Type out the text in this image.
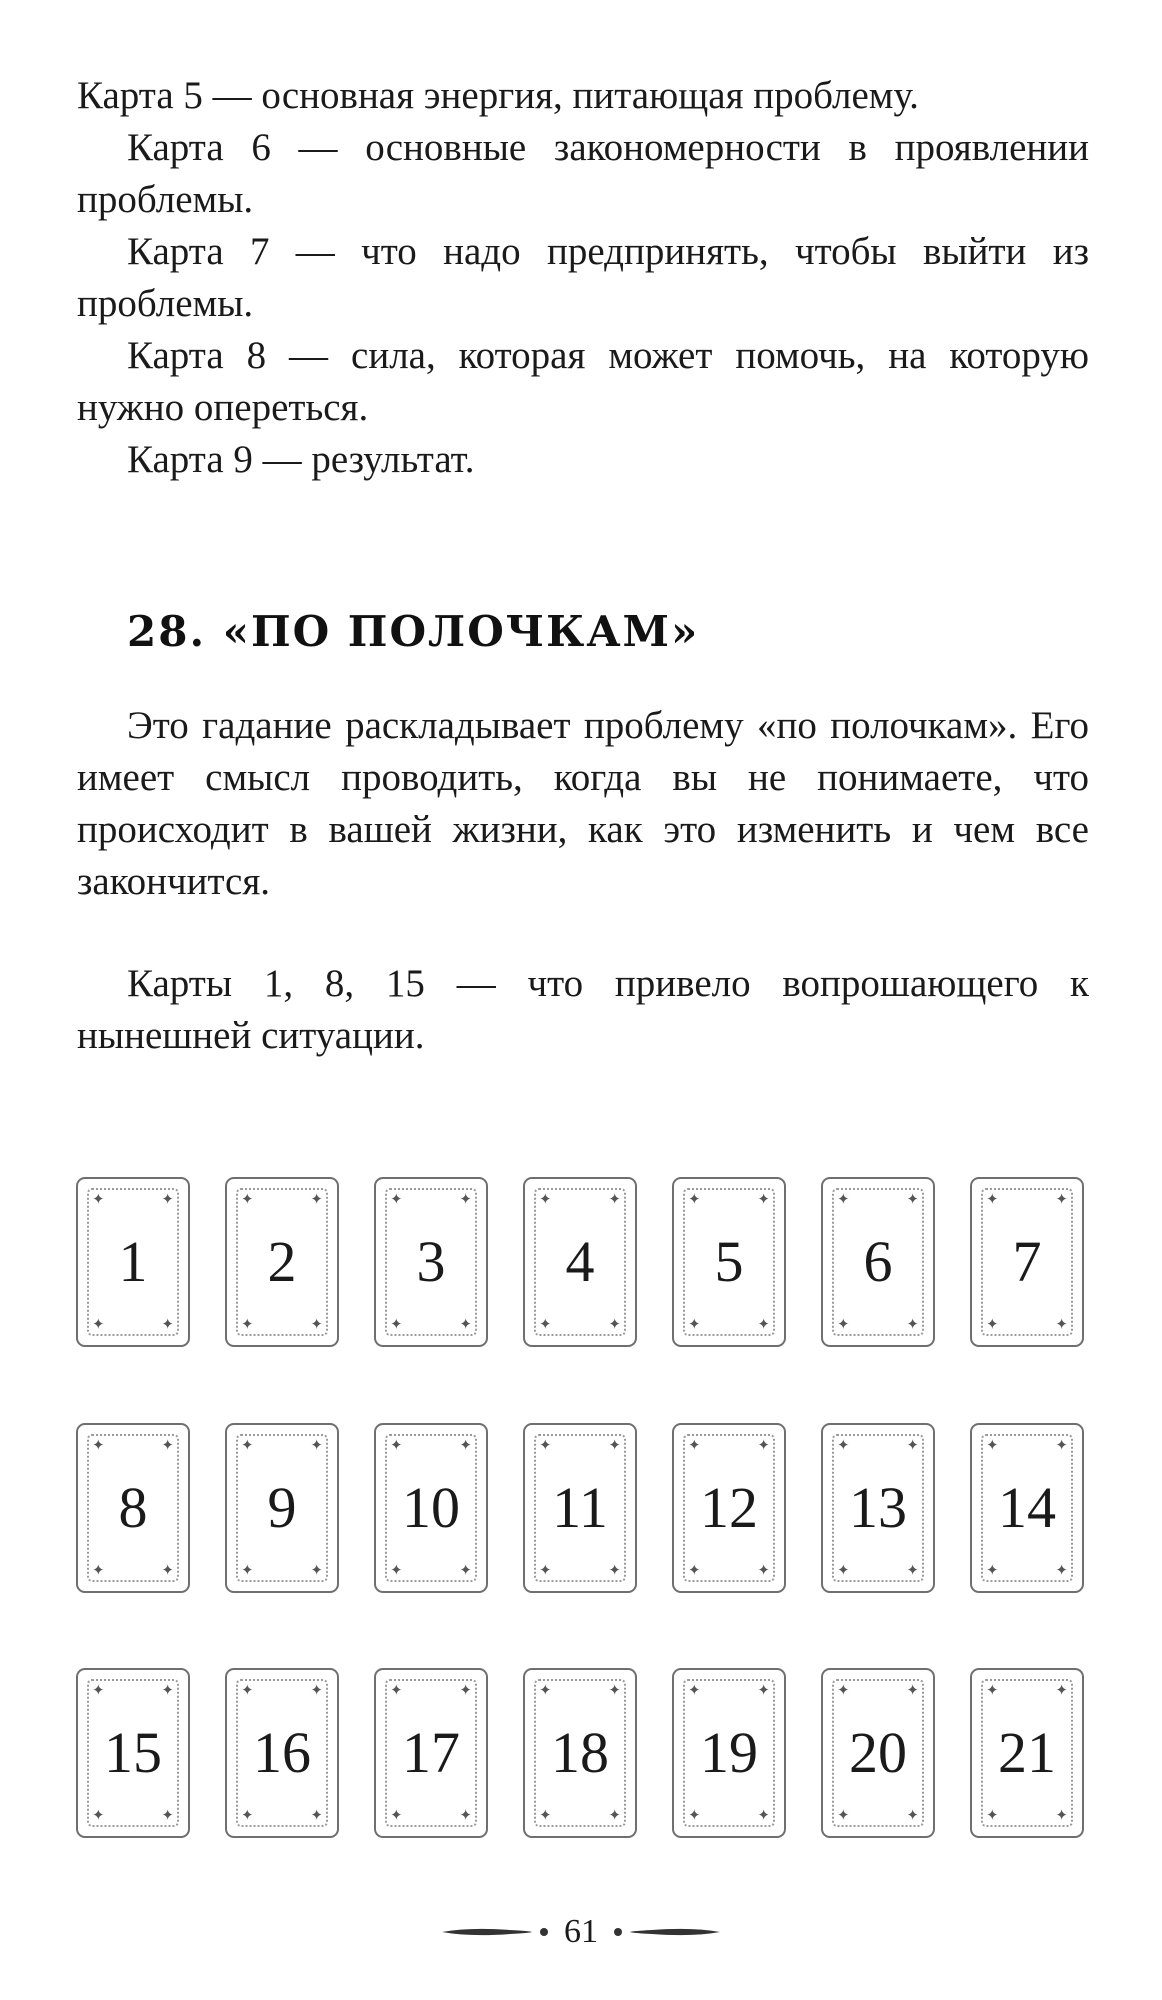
Карта 5 — основная энергия, питающая проблему.

Карта 6 — основные закономерности в проявлении проблемы.

Карта 7 — что надо предпринять, чтобы выйти из проблемы.

Карта 8 — сила, которая может помочь, на которую нужно опереться.

Карта 9 — результат.

28. «ПО ПОЛОЧКАМ»

Это гадание раскладывает проблему «по полочкам». Его имеет смысл проводить, когда вы не понимаете, что происходит в вашей жизни, как это изменить и чем все закончится.

Карты 1, 8, 15 — что привело вопрошающего к нынешней ситуации.

✦	✦
✦	✦
1
✦	✦
✦	✦
2
✦	✦
✦	✦
3
✦	✦
✦	✦
4
✦	✦
✦	✦
5
✦	✦
✦	✦
6
✦	✦
✦	✦
7
✦	✦
✦	✦
8
✦	✦
✦	✦
9
✦	✦
✦	✦
10
✦	✦
✦	✦
11
✦	✦
✦	✦
12
✦	✦
✦	✦
13
✦	✦
✦	✦
14
✦	✦
✦	✦
15
✦	✦
✦	✦
16
✦	✦
✦	✦
17
✦	✦
✦	✦
18
✦	✦
✦	✦
19
✦	✦
✦	✦
20
✦	✦
✦	✦
21
61
